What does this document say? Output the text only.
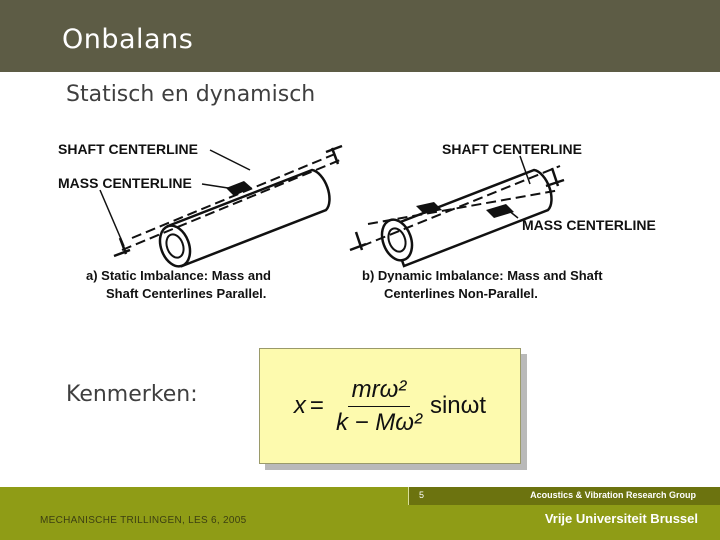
Onbalans
Statisch en dynamisch
SHAFT CENTERLINE
MASS CENTERLINE
a) Static Imbalance: Mass and
Shaft Centerlines Parallel.
SHAFT CENTERLINE
MASS CENTERLINE
b) Dynamic Imbalance: Mass and Shaft
Centerlines Non-Parallel.
Kenmerken:	$x = \frac{\text{mrω²}}{\text{k − Mω²}}$ sinωt
5	Acoustics & Vibration Research Group
MECHANISCHE TRILLINGEN, LES 6, 2005	Vrije Universiteit Brussel
